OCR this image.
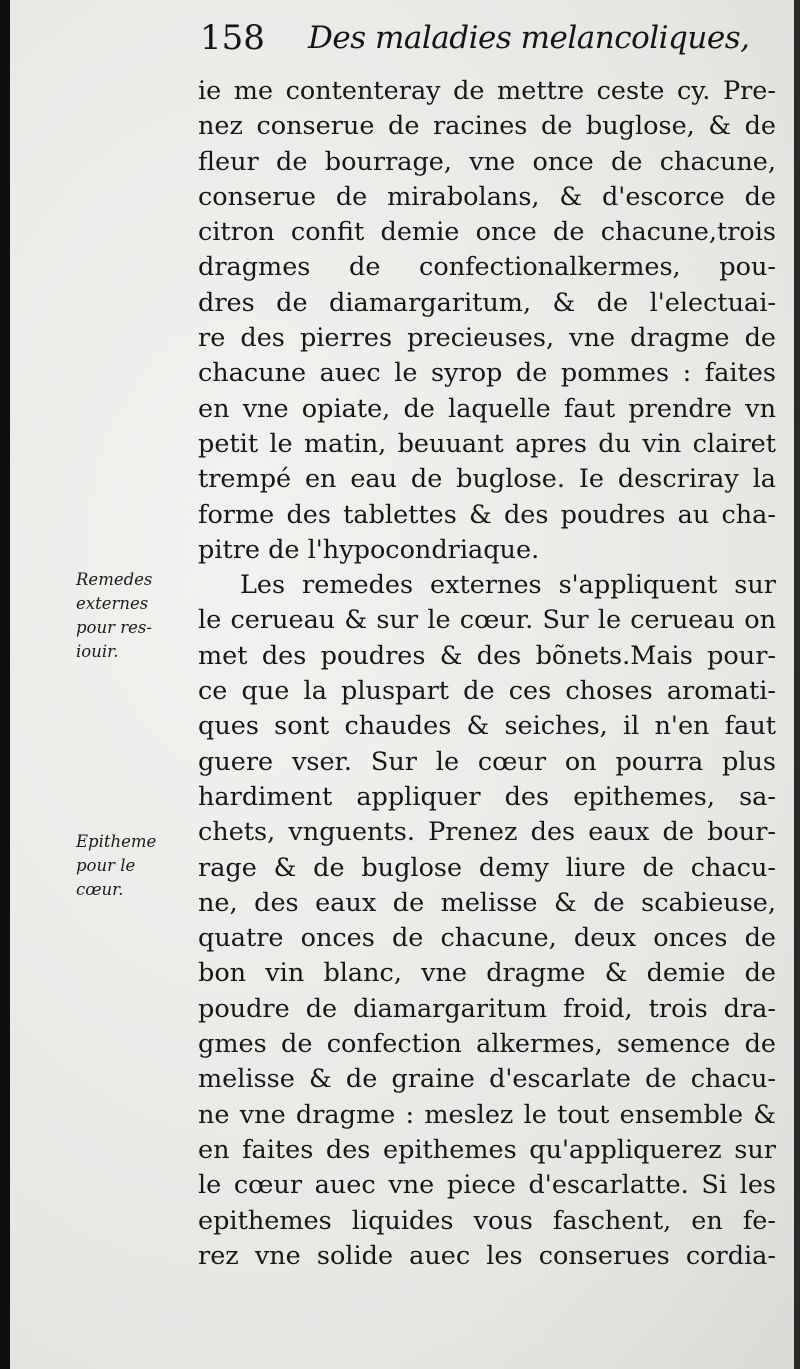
158 Des maladies melancoliques,
Remedes
externes
pour res-
iouir.
Epitheme
pour le
cœur.
ie me contenteray de mettre ceste cy. Pre-
nez conserue de racines de buglose, & de
fleur de bourrage, vne once de chacune,
conserue de mirabolans, & d'escorce de
citron confit demie once de chacune,trois
dragmes de confectionalkermes, pou-
dres de diamargaritum, & de l'electuai-
re des pierres precieuses, vne dragme de
chacune auec le syrop de pommes : faites
en vne opiate, de laquelle faut prendre vn
petit le matin, beuuant apres du vin clairet
trempé en eau de buglose. Ie descriray la
forme des tablettes & des poudres au cha-
pitre de l'hypocondriaque.
Les remedes externes s'appliquent sur
le cerueau & sur le cœur. Sur le cerueau on
met des poudres & des bõnets.Mais pour-
ce que la pluspart de ces choses aromati-
ques sont chaudes & seiches, il n'en faut
guere vser. Sur le cœur on pourra plus
hardiment appliquer des epithemes, sa-
chets, vnguents. Prenez des eaux de bour-
rage & de buglose demy liure de chacu-
ne, des eaux de melisse & de scabieuse,
quatre onces de chacune, deux onces de
bon vin blanc, vne dragme & demie de
poudre de diamargaritum froid, trois dra-
gmes de confection alkermes, semence de
melisse & de graine d'escarlate de chacu-
ne vne dragme : meslez le tout ensemble &
en faites des epithemes qu'appliquerez sur
le cœur auec vne piece d'escarlatte. Si les
epithemes liquides vous faschent, en fe-
rez vne solide auec les conserues cordia-
